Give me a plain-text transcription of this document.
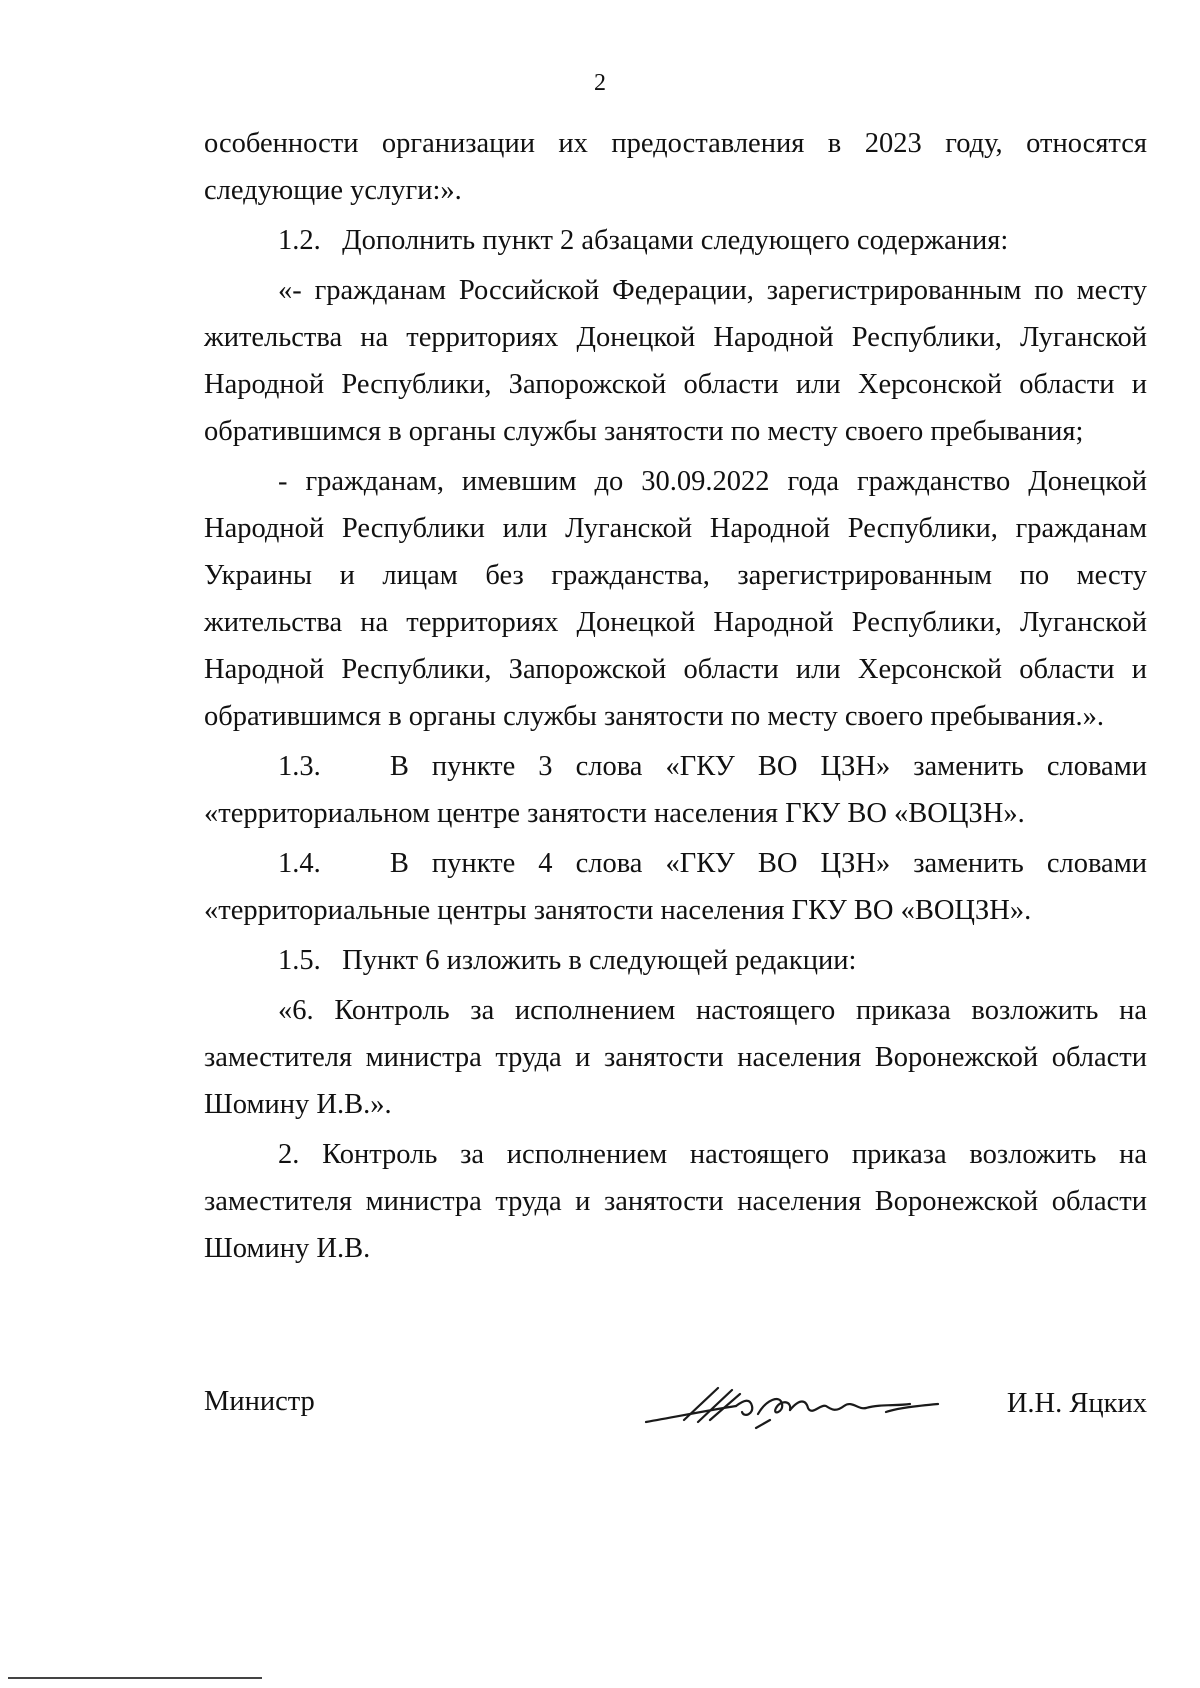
2

особенности организации их предоставления в 2023 году, относятся следующие услуги:».

1.2.   Дополнить пункт 2 абзацами следующего содержания:

«- гражданам Российской Федерации, зарегистрированным по месту жительства на территориях Донецкой Народной Республики, Луганской Народной Республики, Запорожской области или Херсонской области и обратившимся в органы службы занятости по месту своего пребывания;

- гражданам, имевшим до 30.09.2022 года гражданство Донецкой Народной Республики или Луганской Народной Республики, гражданам Украины и лицам без гражданства, зарегистрированным по месту жительства на территориях Донецкой Народной Республики, Луганской Народной Республики, Запорожской области или Херсонской области и обратившимся в органы службы занятости по месту своего пребывания.».

1.3.   В пункте 3 слова «ГКУ ВО ЦЗН» заменить словами «территориальном центре занятости населения ГКУ ВО «ВОЦЗН».

1.4.   В пункте 4 слова «ГКУ ВО ЦЗН» заменить словами «территориальные центры занятости населения ГКУ ВО «ВОЦЗН».

1.5.   Пункт 6 изложить в следующей редакции:

«6. Контроль за исполнением настоящего приказа возложить на заместителя министра труда и занятости населения Воронежской области Шомину И.В.».

2. Контроль за исполнением настоящего приказа возложить на заместителя министра труда и занятости населения Воронежской области Шомину И.В.

Министр	И.Н. Яцких
